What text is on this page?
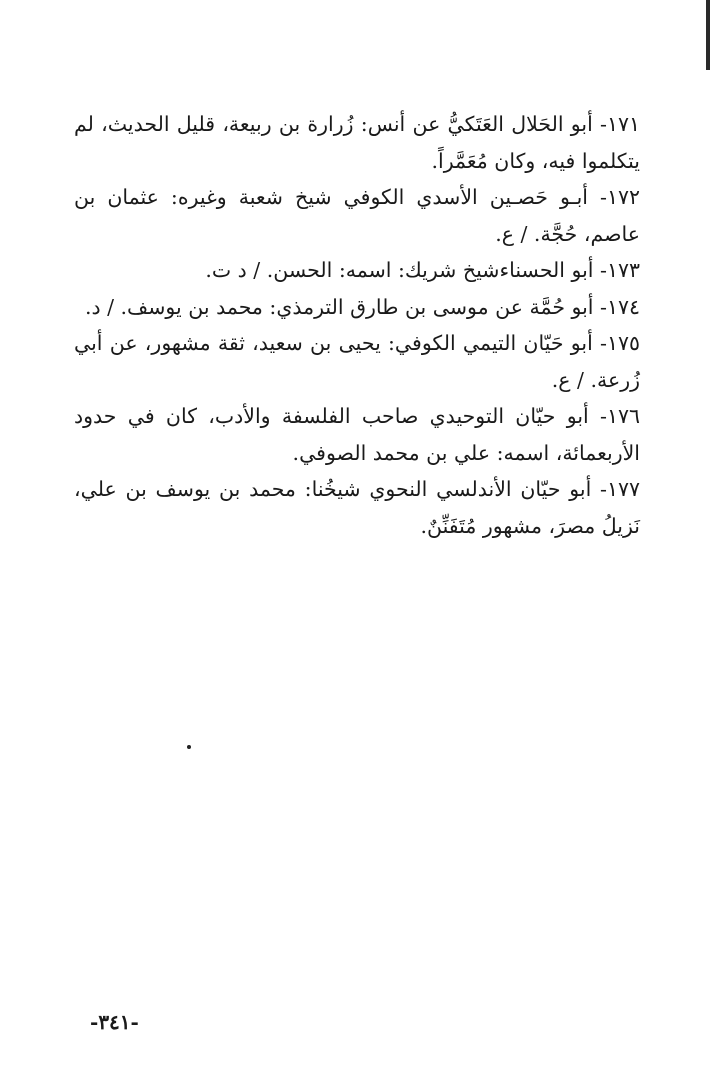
١٧١- أبو الحَلال العَتَكيُّ عن أنس: زُرارة بن ربيعة، قليل الحديث، لم يتكلموا فيه، وكان مُعَمَّراً.

١٧٢- أبـو حَصـين الأسدي الكوفي شيخ شعبة وغيره: عثمان بن عاصم، حُجَّة. / ع.

١٧٣- أبو الحسناءشيخ شريك: اسمه: الحسن. / د ت.

١٧٤- أبو حُمَّة عن موسى بن طارق الترمذي: محمد بن يوسف. / د.

١٧٥- أبو حَيّان التيمي الكوفي: يحيى بن سعيد، ثقة مشهور، عن أبي زُرعة. / ع.

١٧٦- أبو حيّان التوحيدي صاحب الفلسفة والأدب، كان في حدود الأربعمائة، اسمه: علي بن محمد الصوفي.

١٧٧- أبو حيّان الأندلسي النحوي شيخُنا: محمد بن يوسف بن علي، نَزيلُ مصرَ، مشهور مُتَفَنِّنٌ.

-٣٤١-
